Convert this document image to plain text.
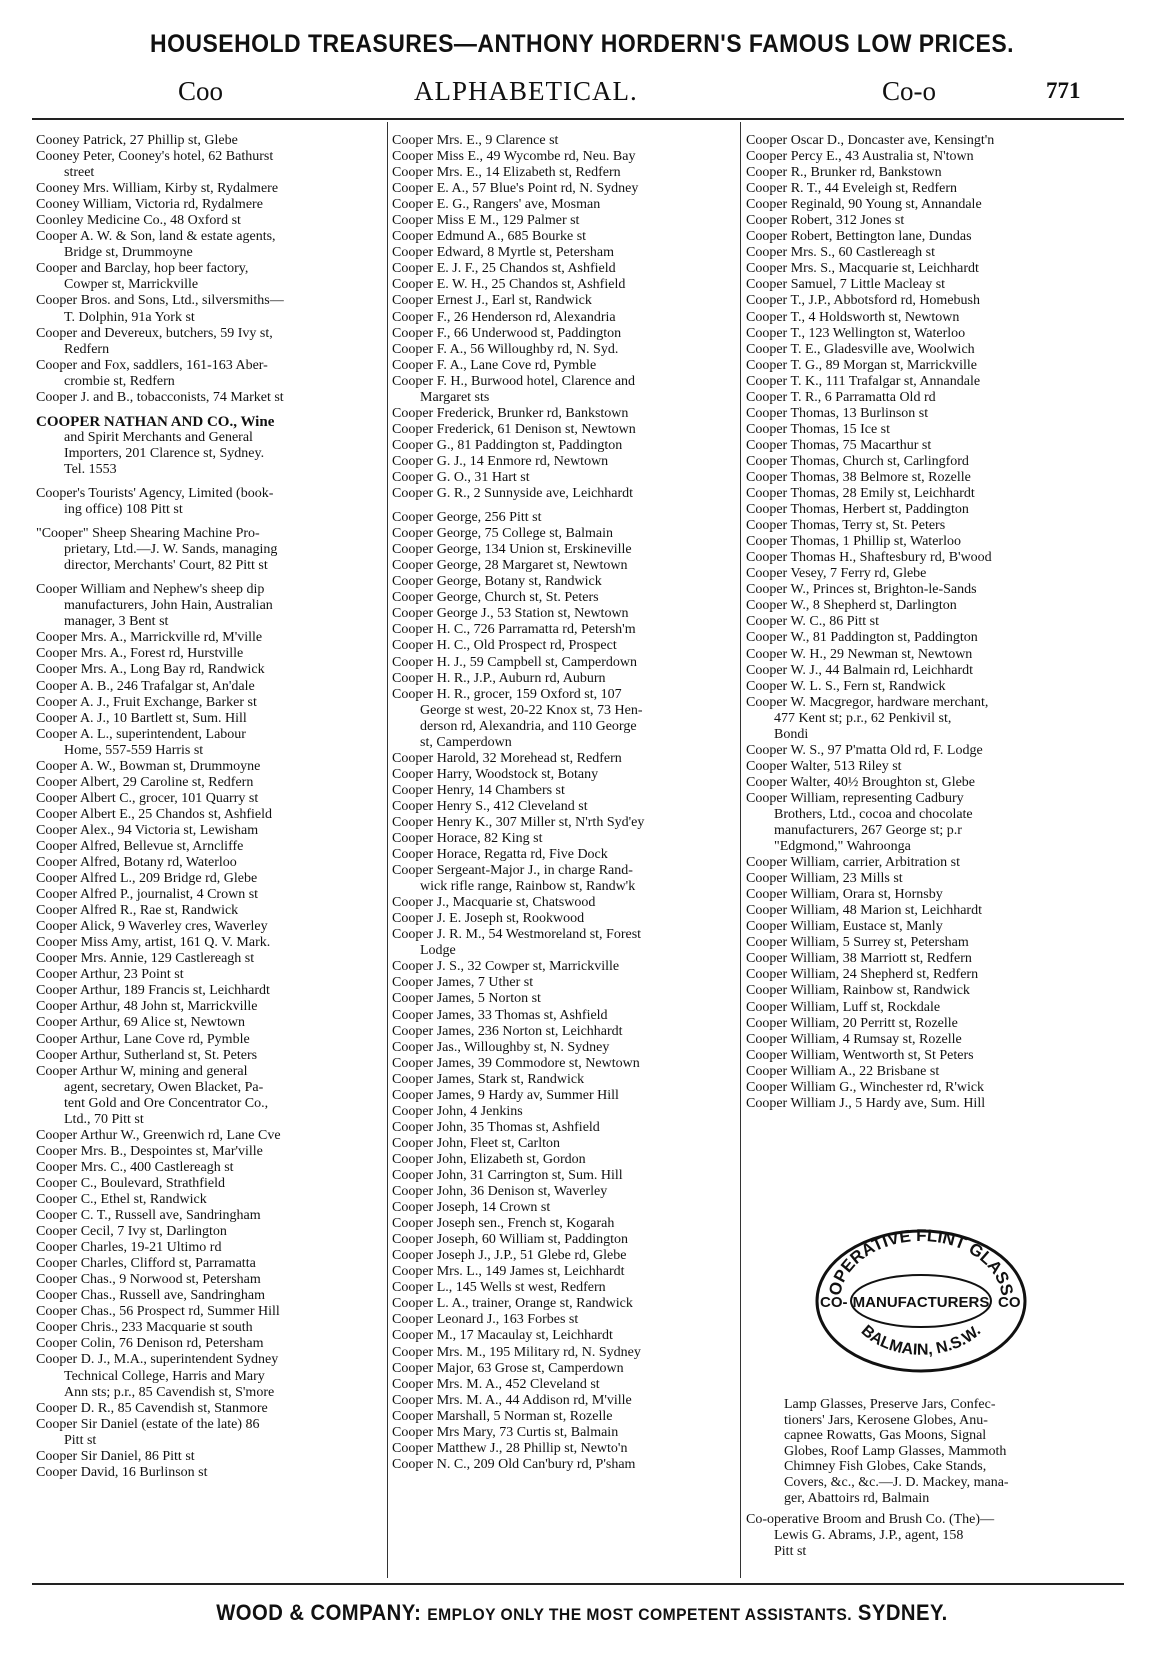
HOUSEHOLD TREASURES—ANTHONY HORDERN'S FAMOUS LOW PRICES.
Coo	ALPHABETICAL.	Co-o	771
Cooney Patrick, 27 Phillip st, Glebe
Cooney Peter, Cooney's hotel, 62 Bathurst
street
Cooney Mrs. William, Kirby st, Rydalmere
Cooney William, Victoria rd, Rydalmere
Coonley Medicine Co., 48 Oxford st
Cooper A. W. & Son, land & estate agents,
Bridge st, Drummoyne
Cooper and Barclay, hop beer factory,
Cowper st, Marrickville
Cooper Bros. and Sons, Ltd., silversmiths—
T. Dolphin, 91a York st
Cooper and Devereux, butchers, 59 Ivy st,
Redfern
Cooper and Fox, saddlers, 161-163 Aber-
crombie st, Redfern
Cooper J. and B., tobacconists, 74 Market st
COOPER NATHAN AND CO., Wine
and Spirit Merchants and General
Importers, 201 Clarence st, Sydney.
Tel. 1553
Cooper's Tourists' Agency, Limited (book-
ing office) 108 Pitt st
"Cooper" Sheep Shearing Machine Pro-
prietary, Ltd.—J. W. Sands, managing
director, Merchants' Court, 82 Pitt st
Cooper William and Nephew's sheep dip
manufacturers, John Hain, Australian
manager, 3 Bent st
Cooper Mrs. A., Marrickville rd, M'ville
Cooper Mrs. A., Forest rd, Hurstville
Cooper Mrs. A., Long Bay rd, Randwick
Cooper A. B., 246 Trafalgar st, An'dale
Cooper A. J., Fruit Exchange, Barker st
Cooper A. J., 10 Bartlett st, Sum. Hill
Cooper A. L., superintendent, Labour
Home, 557-559 Harris st
Cooper A. W., Bowman st, Drummoyne
Cooper Albert, 29 Caroline st, Redfern
Cooper Albert C., grocer, 101 Quarry st
Cooper Albert E., 25 Chandos st, Ashfield
Cooper Alex., 94 Victoria st, Lewisham
Cooper Alfred, Bellevue st, Arncliffe
Cooper Alfred, Botany rd, Waterloo
Cooper Alfred L., 209 Bridge rd, Glebe
Cooper Alfred P., journalist, 4 Crown st
Cooper Alfred R., Rae st, Randwick
Cooper Alick, 9 Waverley cres, Waverley
Cooper Miss Amy, artist, 161 Q. V. Mark.
Cooper Mrs. Annie, 129 Castlereagh st
Cooper Arthur, 23 Point st
Cooper Arthur, 189 Francis st, Leichhardt
Cooper Arthur, 48 John st, Marrickville
Cooper Arthur, 69 Alice st, Newtown
Cooper Arthur, Lane Cove rd, Pymble
Cooper Arthur, Sutherland st, St. Peters
Cooper Arthur W, mining and general
agent, secretary, Owen Blacket, Pa-
tent Gold and Ore Concentrator Co.,
Ltd., 70 Pitt st
Cooper Arthur W., Greenwich rd, Lane Cve
Cooper Mrs. B., Despointes st, Mar'ville
Cooper Mrs. C., 400 Castlereagh st
Cooper C., Boulevard, Strathfield
Cooper C., Ethel st, Randwick
Cooper C. T., Russell ave, Sandringham
Cooper Cecil, 7 Ivy st, Darlington
Cooper Charles, 19-21 Ultimo rd
Cooper Charles, Clifford st, Parramatta
Cooper Chas., 9 Norwood st, Petersham
Cooper Chas., Russell ave, Sandringham
Cooper Chas., 56 Prospect rd, Summer Hill
Cooper Chris., 233 Macquarie st south
Cooper Colin, 76 Denison rd, Petersham
Cooper D. J., M.A., superintendent Sydney
Technical College, Harris and Mary
Ann sts; p.r., 85 Cavendish st, S'more
Cooper D. R., 85 Cavendish st, Stanmore
Cooper Sir Daniel (estate of the late) 86
Pitt st
Cooper Sir Daniel, 86 Pitt st
Cooper David, 16 Burlinson st
Cooper Mrs. E., 9 Clarence st
Cooper Miss E., 49 Wycombe rd, Neu. Bay
Cooper Mrs. E., 14 Elizabeth st, Redfern
Cooper E. A., 57 Blue's Point rd, N. Sydney
Cooper E. G., Rangers' ave, Mosman
Cooper Miss E M., 129 Palmer st
Cooper Edmund A., 685 Bourke st
Cooper Edward, 8 Myrtle st, Petersham
Cooper E. J. F., 25 Chandos st, Ashfield
Cooper E. W. H., 25 Chandos st, Ashfield
Cooper Ernest J., Earl st, Randwick
Cooper F., 26 Henderson rd, Alexandria
Cooper F., 66 Underwood st, Paddington
Cooper F. A., 56 Willoughby rd, N. Syd.
Cooper F. A., Lane Cove rd, Pymble
Cooper F. H., Burwood hotel, Clarence and
Margaret sts
Cooper Frederick, Brunker rd, Bankstown
Cooper Frederick, 61 Denison st, Newtown
Cooper G., 81 Paddington st, Paddington
Cooper G. J., 14 Enmore rd, Newtown
Cooper G. O., 31 Hart st
Cooper G. R., 2 Sunnyside ave, Leichhardt
Cooper George, 256 Pitt st
Cooper George, 75 College st, Balmain
Cooper George, 134 Union st, Erskineville
Cooper George, 28 Margaret st, Newtown
Cooper George, Botany st, Randwick
Cooper George, Church st, St. Peters
Cooper George J., 53 Station st, Newtown
Cooper H. C., 726 Parramatta rd, Petersh'm
Cooper H. C., Old Prospect rd, Prospect
Cooper H. J., 59 Campbell st, Camperdown
Cooper H. R., J.P., Auburn rd, Auburn
Cooper H. R., grocer, 159 Oxford st, 107
George st west, 20-22 Knox st, 73 Hen-
derson rd, Alexandria, and 110 George
st, Camperdown
Cooper Harold, 32 Morehead st, Redfern
Cooper Harry, Woodstock st, Botany
Cooper Henry, 14 Chambers st
Cooper Henry S., 412 Cleveland st
Cooper Henry K., 307 Miller st, N'rth Syd'ey
Cooper Horace, 82 King st
Cooper Horace, Regatta rd, Five Dock
Cooper Sergeant-Major J., in charge Rand-
wick rifle range, Rainbow st, Randw'k
Cooper J., Macquarie st, Chatswood
Cooper J. E. Joseph st, Rookwood
Cooper J. R. M., 54 Westmoreland st, Forest
Lodge
Cooper J. S., 32 Cowper st, Marrickville
Cooper James, 7 Uther st
Cooper James, 5 Norton st
Cooper James, 33 Thomas st, Ashfield
Cooper James, 236 Norton st, Leichhardt
Cooper Jas., Willoughby st, N. Sydney
Cooper James, 39 Commodore st, Newtown
Cooper James, Stark st, Randwick
Cooper James, 9 Hardy av, Summer Hill
Cooper John, 4 Jenkins
Cooper John, 35 Thomas st, Ashfield
Cooper John, Fleet st, Carlton
Cooper John, Elizabeth st, Gordon
Cooper John, 31 Carrington st, Sum. Hill
Cooper John, 36 Denison st, Waverley
Cooper Joseph, 14 Crown st
Cooper Joseph sen., French st, Kogarah
Cooper Joseph, 60 William st, Paddington
Cooper Joseph J., J.P., 51 Glebe rd, Glebe
Cooper Mrs. L., 149 James st, Leichhardt
Cooper L., 145 Wells st west, Redfern
Cooper L. A., trainer, Orange st, Randwick
Cooper Leonard J., 163 Forbes st
Cooper M., 17 Macaulay st, Leichhardt
Cooper Mrs. M., 195 Military rd, N. Sydney
Cooper Major, 63 Grose st, Camperdown
Cooper Mrs. M. A., 452 Cleveland st
Cooper Mrs. M. A., 44 Addison rd, M'ville
Cooper Marshall, 5 Norman st, Rozelle
Cooper Mrs Mary, 73 Curtis st, Balmain
Cooper Matthew J., 28 Phillip st, Newto'n
Cooper N. C., 209 Old Can'bury rd, P'sham
Cooper Oscar D., Doncaster ave, Kensingt'n
Cooper Percy E., 43 Australia st, N'town
Cooper R., Brunker rd, Bankstown
Cooper R. T., 44 Eveleigh st, Redfern
Cooper Reginald, 90 Young st, Annandale
Cooper Robert, 312 Jones st
Cooper Robert, Bettington lane, Dundas
Cooper Mrs. S., 60 Castlereagh st
Cooper Mrs. S., Macquarie st, Leichhardt
Cooper Samuel, 7 Little Macleay st
Cooper T., J.P., Abbotsford rd, Homebush
Cooper T., 4 Holdsworth st, Newtown
Cooper T., 123 Wellington st, Waterloo
Cooper T. E., Gladesville ave, Woolwich
Cooper T. G., 89 Morgan st, Marrickville
Cooper T. K., 111 Trafalgar st, Annandale
Cooper T. R., 6 Parramatta Old rd
Cooper Thomas, 13 Burlinson st
Cooper Thomas, 15 Ice st
Cooper Thomas, 75 Macarthur st
Cooper Thomas, Church st, Carlingford
Cooper Thomas, 38 Belmore st, Rozelle
Cooper Thomas, 28 Emily st, Leichhardt
Cooper Thomas, Herbert st, Paddington
Cooper Thomas, Terry st, St. Peters
Cooper Thomas, 1 Phillip st, Waterloo
Cooper Thomas H., Shaftesbury rd, B'wood
Cooper Vesey, 7 Ferry rd, Glebe
Cooper W., Princes st, Brighton-le-Sands
Cooper W., 8 Shepherd st, Darlington
Cooper W. C., 86 Pitt st
Cooper W., 81 Paddington st, Paddington
Cooper W. H., 29 Newman st, Newtown
Cooper W. J., 44 Balmain rd, Leichhardt
Cooper W. L. S., Fern st, Randwick
Cooper W. Macgregor, hardware merchant,
477 Kent st; p.r., 62 Penkivil st,
Bondi
Cooper W. S., 97 P'matta Old rd, F. Lodge
Cooper Walter, 513 Riley st
Cooper Walter, 40½ Broughton st, Glebe
Cooper William, representing Cadbury
Brothers, Ltd., cocoa and chocolate
manufacturers, 267 George st; p.r
"Edgmond," Wahroonga
Cooper William, carrier, Arbitration st
Cooper William, 23 Mills st
Cooper William, Orara st, Hornsby
Cooper William, 48 Marion st, Leichhardt
Cooper William, Eustace st, Manly
Cooper William, 5 Surrey st, Petersham
Cooper William, 38 Marriott st, Redfern
Cooper William, 24 Shepherd st, Redfern
Cooper William, Rainbow st, Randwick
Cooper William, Luff st, Rockdale
Cooper William, 20 Perritt st, Rozelle
Cooper William, 4 Rumsay st, Rozelle
Cooper William, Wentworth st, St Peters
Cooper William A., 22 Brisbane st
Cooper William G., Winchester rd, R'wick
Cooper William J., 5 Hardy ave, Sum. Hill
OPERATIVE FLINT GLASS
CO-	CO
MANUFACTURERS
BALMAIN, N.S.W.
Lamp Glasses, Preserve Jars, Confec-
tioners' Jars, Kerosene Globes, Anu-
capnee Rowatts, Gas Moons, Signal
Globes, Roof Lamp Glasses, Mammoth
Chimney Fish Globes, Cake Stands,
Covers, &c., &c.—J. D. Mackey, mana-
ger, Abattoirs rd, Balmain
WOOD & COMPANY: EMPLOY ONLY THE MOST COMPETENT ASSISTANTS. SYDNEY.
Co-operative Broom and Brush Co. (The)—
Lewis G. Abrams, J.P., agent, 158
Pitt st
